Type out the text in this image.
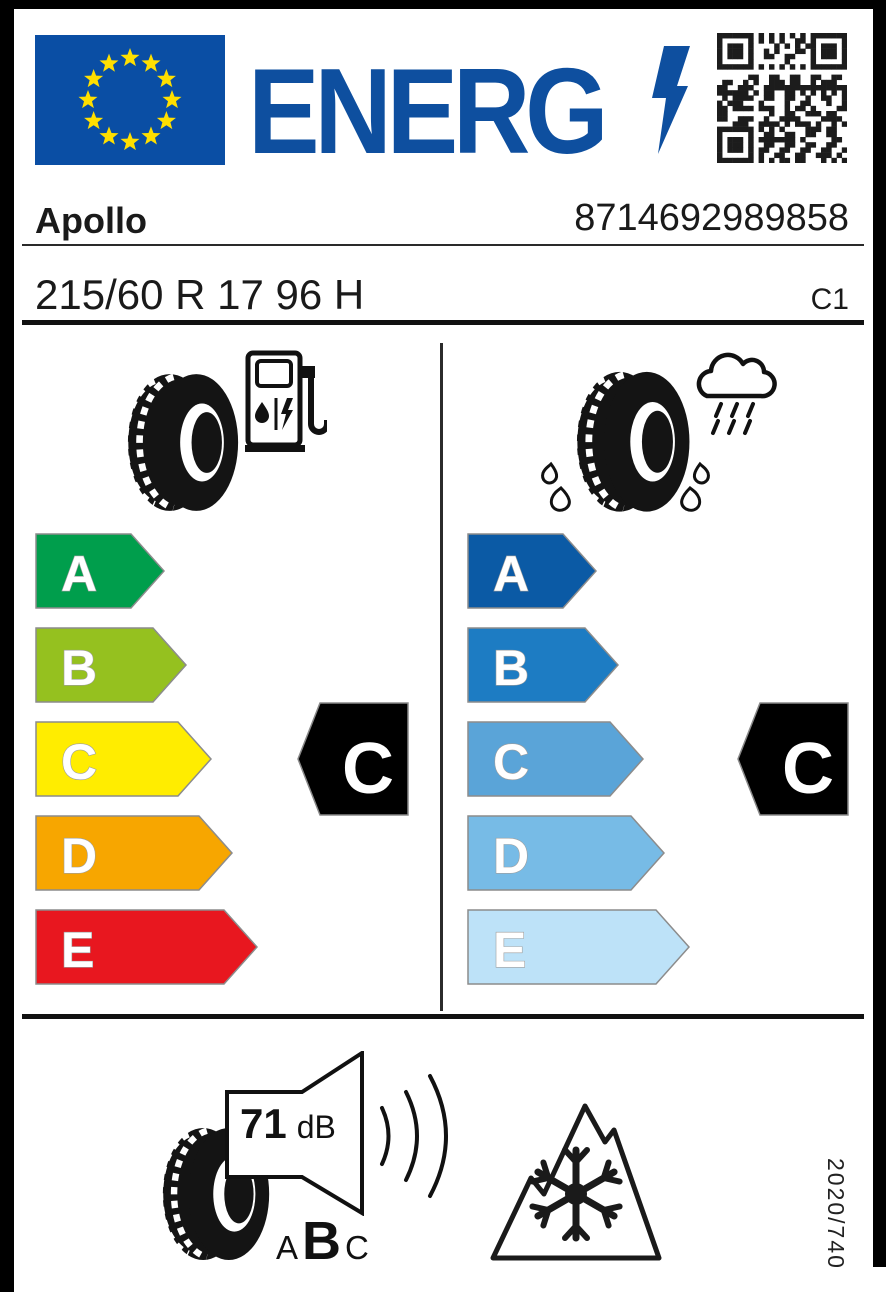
ENERG
Apollo	8714692989858
215/60 R 17 96 H	C1
A
B
C
D
E
C
A
B
C
D
E
C
71 dB
A B C	2020/740
